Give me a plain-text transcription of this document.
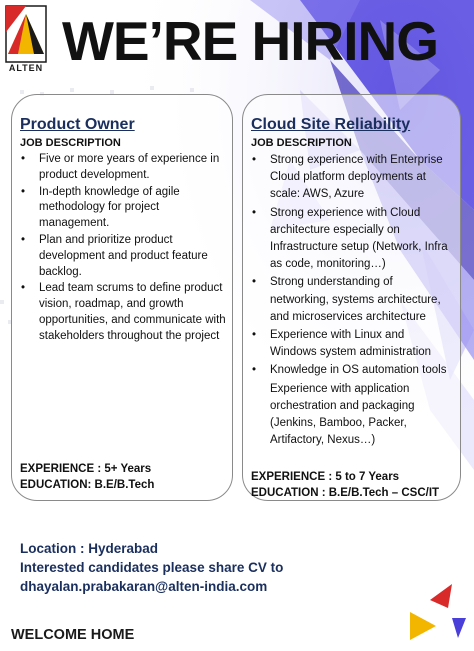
ALTEN WE’RE HIRING
Product Owner
JOB DESCRIPTION
• Five or more years of experience in product development.
• In-depth knowledge of agile methodology for project management.
• Plan and prioritize product development and product feature backlog.
• Lead team scrums to define product vision, roadmap, and growth opportunities, and communicate with stakeholders throughout the project
EXPERIENCE : 5+ Years
EDUCATION: B.E/B.Tech
Cloud Site Reliability
JOB DESCRIPTION
• Strong experience with Enterprise Cloud platform deployments at scale: AWS, Azure
• Strong experience with Cloud architecture especially on Infrastructure setup (Network, Infra as code, monitoring…)
• Strong understanding of networking, systems architecture, and microservices architecture
• Experience with Linux and Windows system administration
• Knowledge in OS automation tools
Experience with application orchestration and packaging (Jenkins, Bamboo, Packer, Artifactory, Nexus…)
EXPERIENCE : 5 to 7 Years
EDUCATION : B.E/B.Tech – CSC/IT
Location : Hyderabad
Interested candidates please share CV to
dhayalan.prabakaran@alten-india.com
WELCOME HOME
